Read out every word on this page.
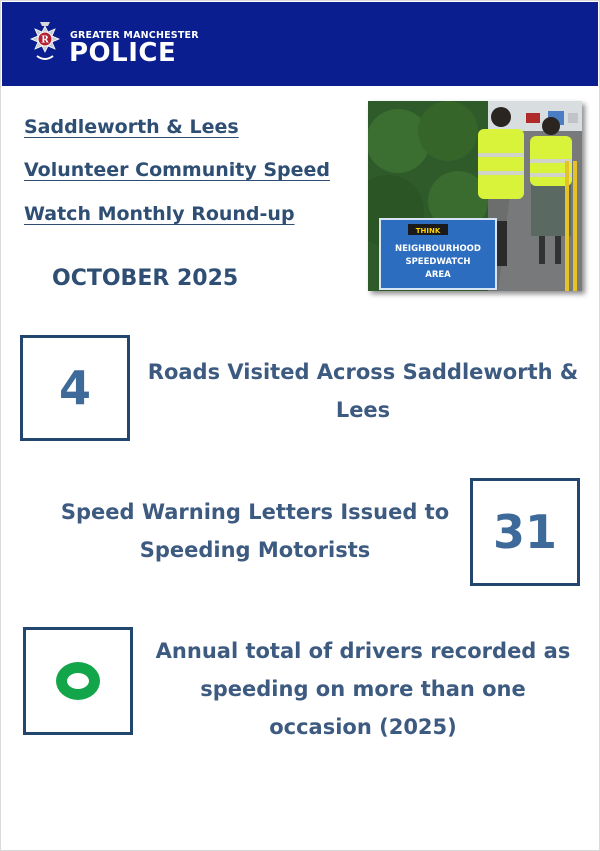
R GREATER MANCHESTER
POLICE
Saddleworth & Lees
Volunteer Community Speed
Watch Monthly Round-up
OCTOBER 2025
THINK
NEIGHBOURHOOD
SPEEDWATCH
AREA
4	Roads Visited Across Saddleworth & Lees
Speed Warning Letters Issued to Speeding Motorists	31
Annual total of drivers recorded as speeding on more than one occasion (2025)
